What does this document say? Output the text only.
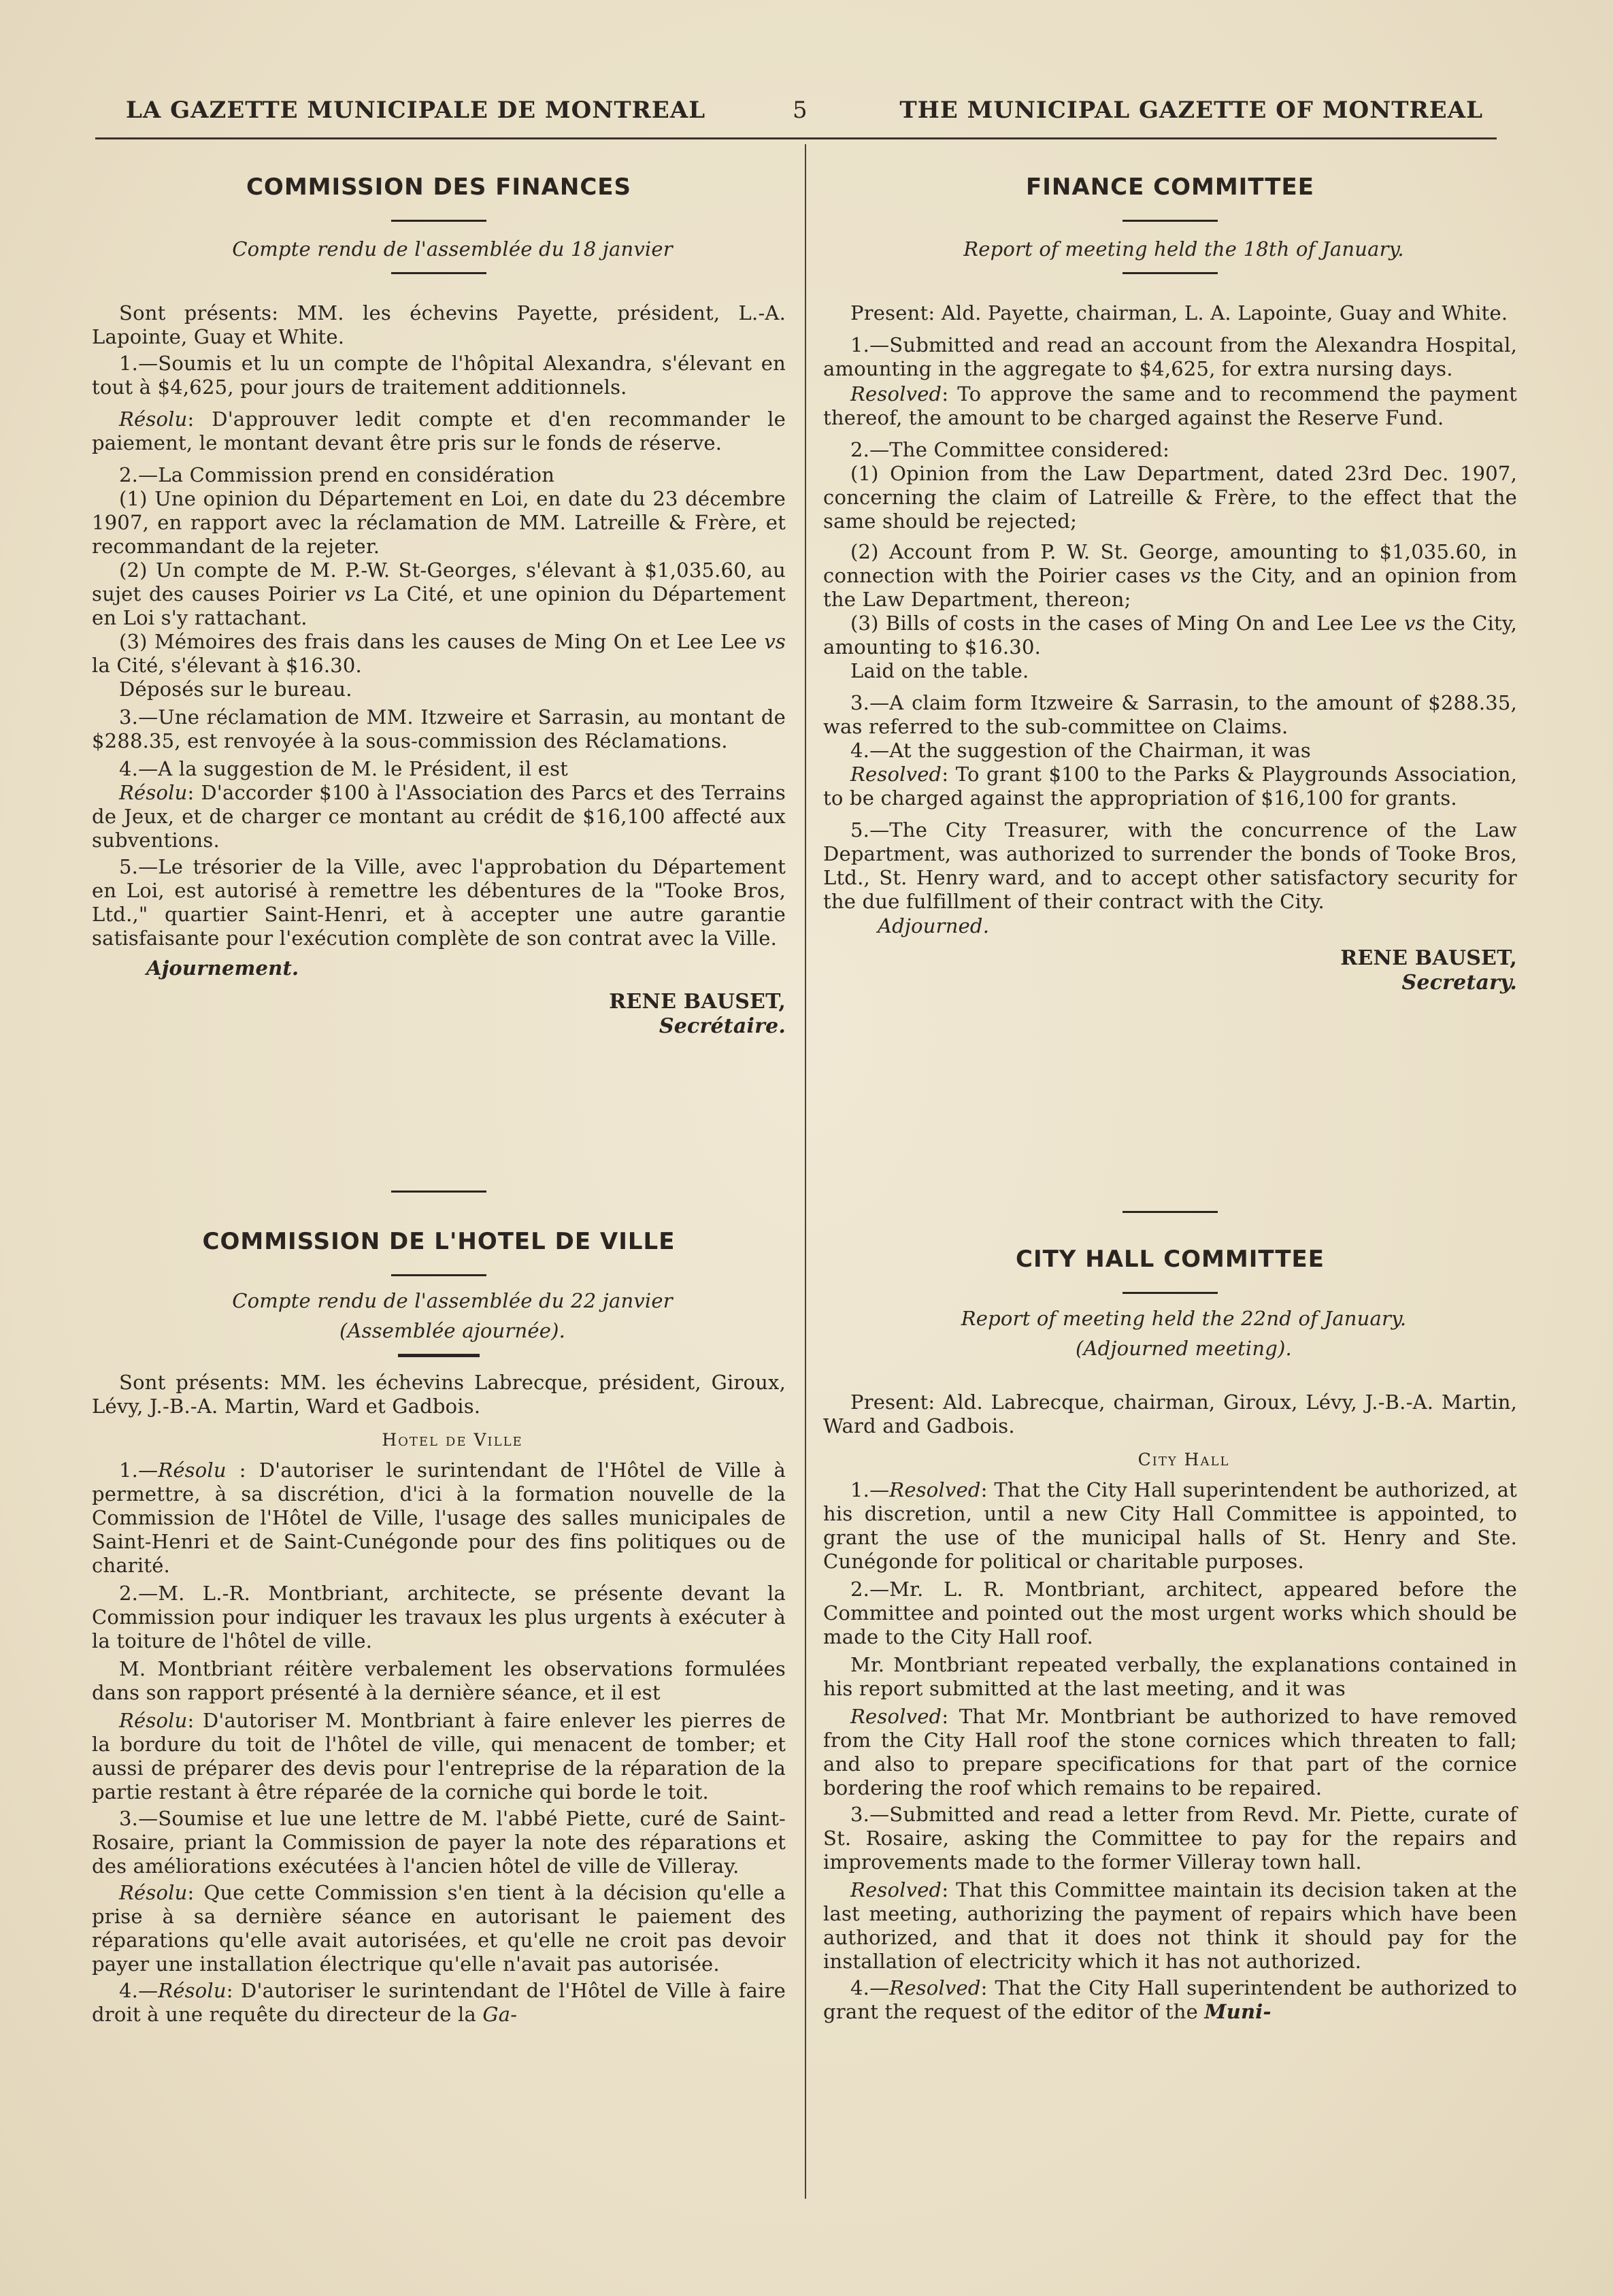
LA GAZETTE MUNICIPALE DE MONTREAL	5	THE MUNICIPAL GAZETTE OF MONTREAL
COMMISSION DES FINANCES

Compte rendu de l'assemblée du 18 janvier

Sont présents: MM. les échevins Payette, président, L.-A. Lapointe, Guay et White.

1.—Soumis et lu un compte de l'hôpital Alexandra, s'élevant en tout à $4,625, pour jours de traitement additionnels.

Résolu: D'approuver ledit compte et d'en recommander le paiement, le montant devant être pris sur le fonds de réserve.

2.—La Commission prend en considération

(1) Une opinion du Département en Loi, en date du 23 décembre 1907, en rapport avec la réclamation de MM. Latreille & Frère, et recommandant de la rejeter.

(2) Un compte de M. P.-W. St-Georges, s'élevant à $1,035.60, au sujet des causes Poirier vs La Cité, et une opinion du Département en Loi s'y rattachant.

(3) Mémoires des frais dans les causes de Ming On et Lee Lee vs la Cité, s'élevant à $16.30.

Déposés sur le bureau.

3.—Une réclamation de MM. Itzweire et Sarrasin, au montant de $288.35, est renvoyée à la sous-commission des Réclamations.

4.—A la suggestion de M. le Président, il est

Résolu: D'accorder $100 à l'Association des Parcs et des Terrains de Jeux, et de charger ce montant au crédit de $16,100 affecté aux subventions.

5.—Le trésorier de la Ville, avec l'approbation du Département en Loi, est autorisé à remettre les débentures de la "Tooke Bros, Ltd.," quartier Saint-Henri, et à accepter une autre garantie satisfaisante pour l'exécution complète de son contrat avec la Ville.

Ajournement.

RENE BAUSET,

Secrétaire.

COMMISSION DE L'HOTEL DE VILLE

Compte rendu de l'assemblée du 22 janvier

(Assemblée ajournée).

Sont présents: MM. les échevins Labrecque, président, Giroux, Lévy, J.-B.-A. Martin, Ward et Gadbois.

Hotel de Ville

1.—Résolu : D'autoriser le surintendant de l'Hôtel de Ville à permettre, à sa discrétion, d'ici à la formation nouvelle de la Commission de l'Hôtel de Ville, l'usage des salles municipales de Saint-Henri et de Saint-Cunégonde pour des fins politiques ou de charité.

2.—M. L.-R. Montbriant, architecte, se présente devant la Commission pour indiquer les travaux les plus urgents à exécuter à la toiture de l'hôtel de ville.

M. Montbriant réitère verbalement les observations formulées dans son rapport présenté à la dernière séance, et il est

Résolu: D'autoriser M. Montbriant à faire enlever les pierres de la bordure du toit de l'hôtel de ville, qui menacent de tomber; et aussi de préparer des devis pour l'entreprise de la réparation de la partie restant à être réparée de la corniche qui borde le toit.

3.—Soumise et lue une lettre de M. l'abbé Piette, curé de Saint-Rosaire, priant la Commission de payer la note des réparations et des améliorations exécutées à l'ancien hôtel de ville de Villeray.

Résolu: Que cette Commission s'en tient à la décision qu'elle a prise à sa dernière séance en autorisant le paiement des réparations qu'elle avait autorisées, et qu'elle ne croit pas devoir payer une installation électrique qu'elle n'avait pas autorisée.

4.—Résolu: D'autoriser le surintendant de l'Hôtel de Ville à faire droit à une requête du directeur de la Ga-

FINANCE COMMITTEE

Report of meeting held the 18th of January.

Present: Ald. Payette, chairman, L. A. Lapointe, Guay and White.

1.—Submitted and read an account from the Alexandra Hospital, amounting in the aggregate to $4,625, for extra nursing days.

Resolved: To approve the same and to recommend the payment thereof, the amount to be charged against the Reserve Fund.

2.—The Committee considered:

(1) Opinion from the Law Department, dated 23rd Dec. 1907, concerning the claim of Latreille & Frère, to the effect that the same should be rejected;

(2) Account from P. W. St. George, amounting to $1,035.60, in connection with the Poirier cases vs the City, and an opinion from the Law Department, thereon;

(3) Bills of costs in the cases of Ming On and Lee Lee vs the City, amounting to $16.30.

Laid on the table.

3.—A claim form Itzweire & Sarrasin, to the amount of $288.35, was referred to the sub-committee on Claims.

4.—At the suggestion of the Chairman, it was

Resolved: To grant $100 to the Parks & Playgrounds Association, to be charged against the appropriation of $16,100 for grants.

5.—The City Treasurer, with the concurrence of the Law Department, was authorized to surrender the bonds of Tooke Bros, Ltd., St. Henry ward, and to accept other satisfactory security for the due fulfillment of their contract with the City.

Adjourned.

RENE BAUSET,

Secretary.

CITY HALL COMMITTEE

Report of meeting held the 22nd of January.

(Adjourned meeting).

Present: Ald. Labrecque, chairman, Giroux, Lévy, J.-B.-A. Martin, Ward and Gadbois.

City Hall

1.—Resolved: That the City Hall superintendent be authorized, at his discretion, until a new City Hall Committee is appointed, to grant the use of the municipal halls of St. Henry and Ste. Cunégonde for political or charitable purposes.

2.—Mr. L. R. Montbriant, architect, appeared before the Committee and pointed out the most urgent works which should be made to the City Hall roof.

Mr. Montbriant repeated verbally, the explanations contained in his report submitted at the last meeting, and it was

Resolved: That Mr. Montbriant be authorized to have removed from the City Hall roof the stone cornices which threaten to fall; and also to prepare specifications for that part of the cornice bordering the roof which remains to be repaired.

3.—Submitted and read a letter from Revd. Mr. Piette, curate of St. Rosaire, asking the Committee to pay for the repairs and improvements made to the former Villeray town hall.

Resolved: That this Committee maintain its decision taken at the last meeting, authorizing the payment of repairs which have been authorized, and that it does not think it should pay for the installation of electricity which it has not authorized.

4.—Resolved: That the City Hall superintendent be authorized to grant the request of the editor of the Muni-
